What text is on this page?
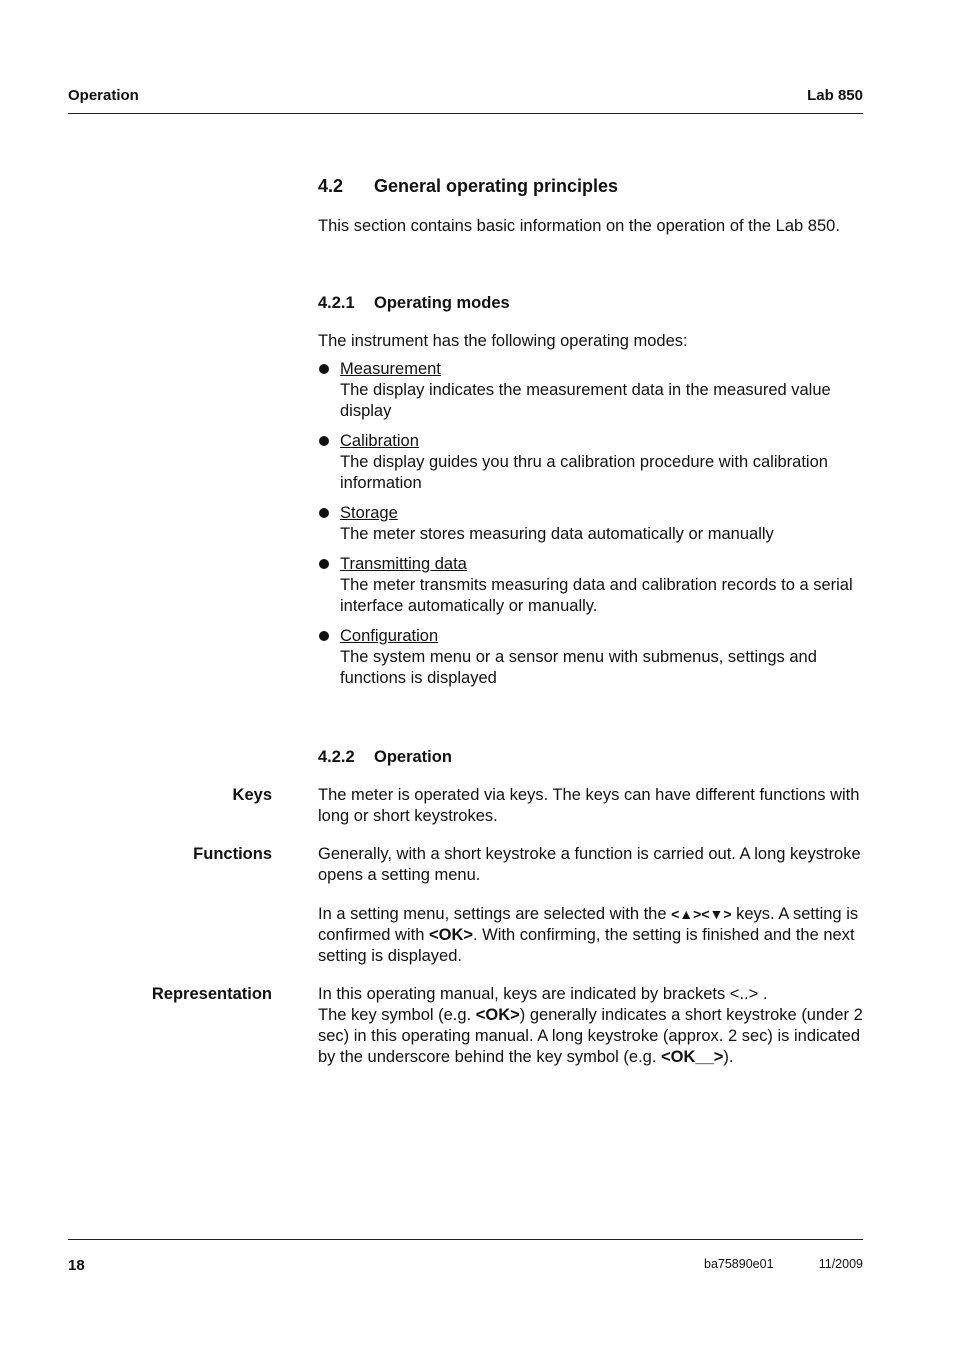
Operation	Lab 850
4.2 General operating principles
This section contains basic information on the operation of the Lab 850.
4.2.1 Operating modes
The instrument has the following operating modes:
Measurement
The display indicates the measurement data in the measured value display
Calibration
The display guides you thru a calibration procedure with calibration information
Storage
The meter stores measuring data automatically or manually
Transmitting data
The meter transmits measuring data and calibration records to a serial interface automatically or manually.
Configuration
The system menu or a sensor menu with submenus, settings and functions is displayed
4.2.2 Operation
Keys	The meter is operated via keys. The keys can have different functions with long or short keystrokes.
Functions	Generally, with a short keystroke a function is carried out. A long keystroke opens a setting menu.
In a setting menu, settings are selected with the <▲><▼> keys. A setting is confirmed with <OK>. With confirming, the setting is finished and the next setting is displayed.
Representation	In this operating manual, keys are indicated by brackets <..> .
The key symbol (e.g. <OK>) generally indicates a short keystroke (under 2 sec) in this operating manual. A long keystroke (approx. 2 sec) is indicated by the underscore behind the key symbol (e.g. <OK__>).
18	ba75890e01	11/2009
